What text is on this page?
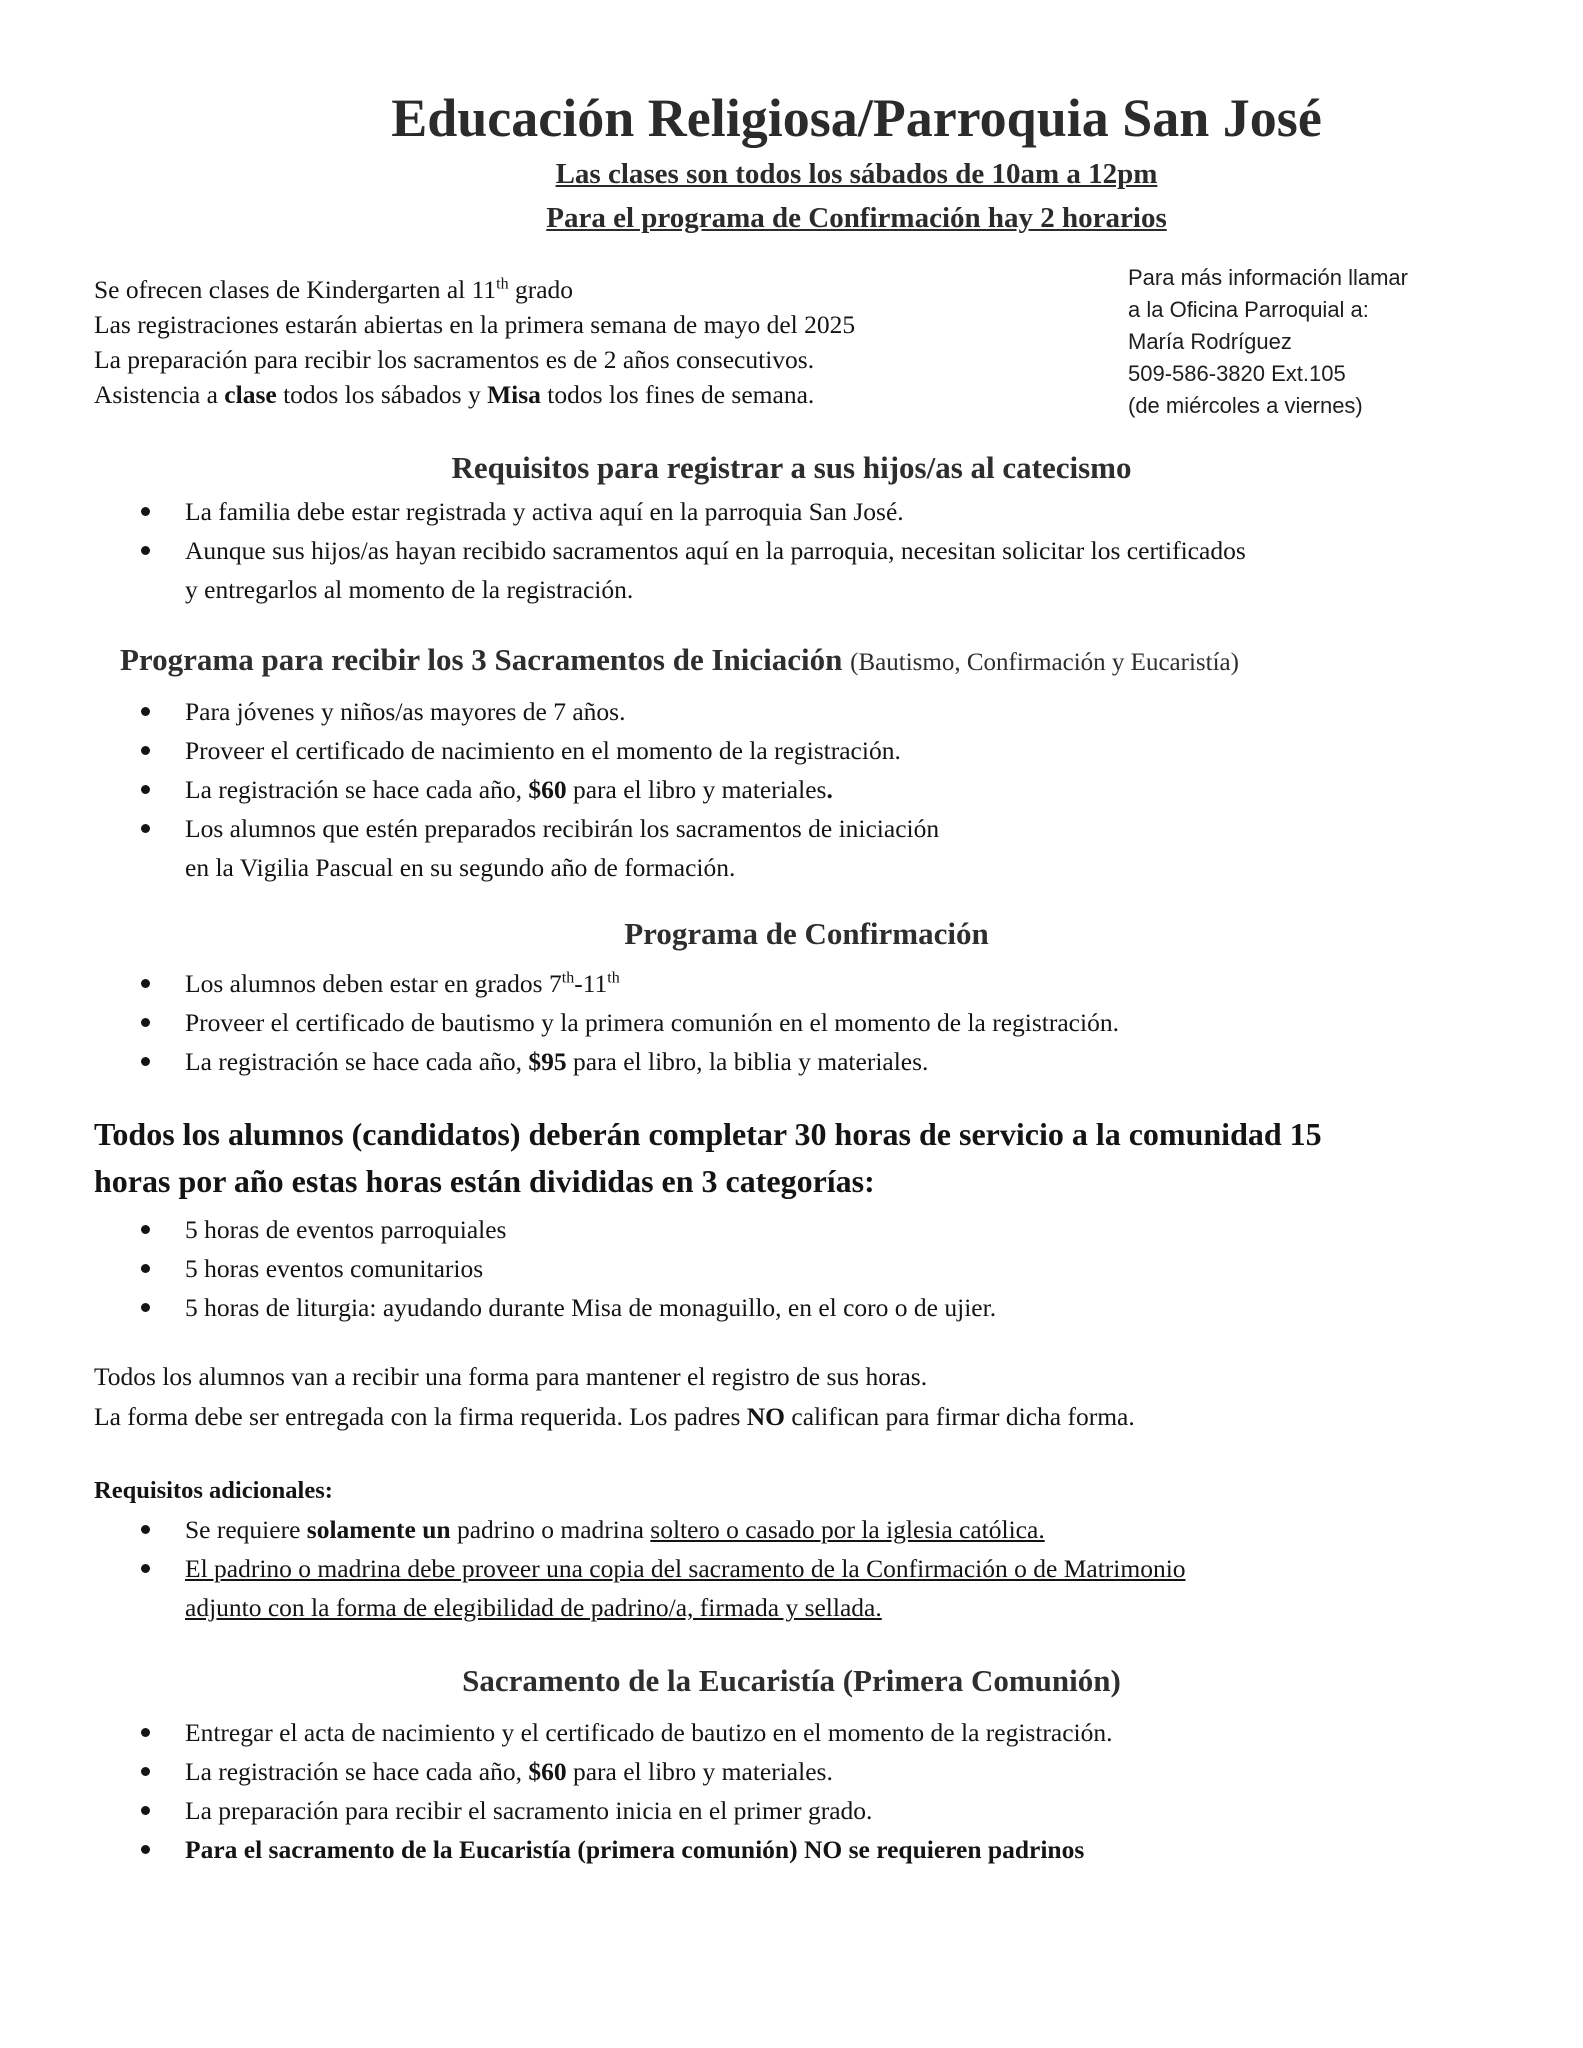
Educación Religiosa/Parroquia San José
Las clases son todos los sábados de 10am a 12pm
Para el programa de Confirmación hay 2 horarios
Se ofrecen clases de Kindergarten al 11th grado
Las registraciones estarán abiertas en la primera semana de mayo del 2025
La preparación para recibir los sacramentos es de 2 años consecutivos.
Asistencia a clase todos los sábados y Misa todos los fines de semana.
Para más información llamar
a la Oficina Parroquial a:
María Rodríguez
509-586-3820 Ext.105
(de miércoles a viernes)
Requisitos para registrar a sus hijos/as al catecismo
La familia debe estar registrada y activa aquí en la parroquia San José.
Aunque sus hijos/as hayan recibido sacramentos aquí en la parroquia, necesitan solicitar los certificados
y entregarlos al momento de la registración.
Programa para recibir los 3 Sacramentos de Iniciación (Bautismo, Confirmación y Eucaristía)
Para jóvenes y niños/as mayores de 7 años.
Proveer el certificado de nacimiento en el momento de la registración.
La registración se hace cada año, $60 para el libro y materiales.
Los alumnos que estén preparados recibirán los sacramentos de iniciación
en la Vigilia Pascual en su segundo año de formación.
Programa de Confirmación
Los alumnos deben estar en grados 7th-11th
Proveer el certificado de bautismo y la primera comunión en el momento de la registración.
La registración se hace cada año, $95 para el libro, la biblia y materiales.
Todos los alumnos (candidatos) deberán completar 30 horas de servicio a la comunidad 15
horas por año estas horas están divididas en 3 categorías:
5 horas de eventos parroquiales
5 horas eventos comunitarios
5 horas de liturgia: ayudando durante Misa de monaguillo, en el coro o de ujier.
Todos los alumnos van a recibir una forma para mantener el registro de sus horas.
La forma debe ser entregada con la firma requerida. Los padres NO califican para firmar dicha forma.
Requisitos adicionales:
Se requiere solamente un padrino o madrina soltero o casado por la iglesia católica.
El padrino o madrina debe proveer una copia del sacramento de la Confirmación o de Matrimonio
adjunto con la forma de elegibilidad de padrino/a, firmada y sellada.
Sacramento de la Eucaristía (Primera Comunión)
Entregar el acta de nacimiento y el certificado de bautizo en el momento de la registración.
La registración se hace cada año, $60 para el libro y materiales.
La preparación para recibir el sacramento inicia en el primer grado.
Para el sacramento de la Eucaristía (primera comunión) NO se requieren padrinos
